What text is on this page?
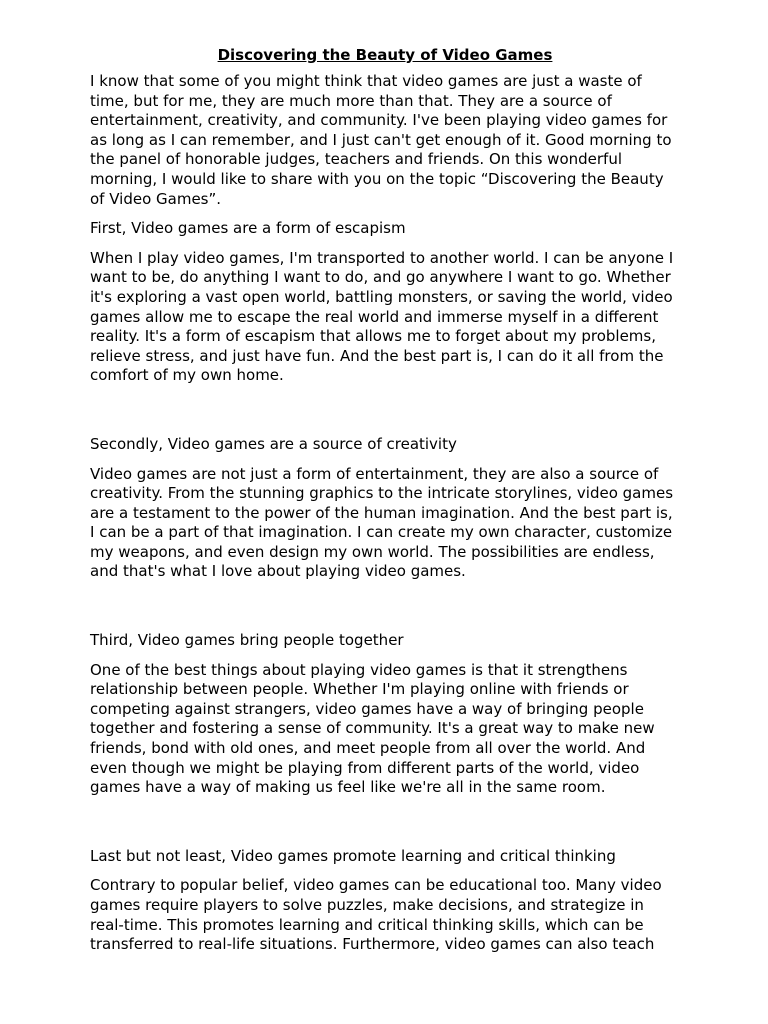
Discovering the Beauty of Video Games

I know that some of you might think that video games are just a waste of time, but for me, they are much more than that. They are a source of entertainment, creativity, and community. I've been playing video games for as long as I can remember, and I just can't get enough of it. Good morning to the panel of honorable judges, teachers and friends. On this wonderful morning, I would like to share with you on the topic “Discovering the Beauty of Video Games”.

First, Video games are a form of escapism

When I play video games, I'm transported to another world. I can be anyone I want to be, do anything I want to do, and go anywhere I want to go. Whether it's exploring a vast open world, battling monsters, or saving the world, video games allow me to escape the real world and immerse myself in a different reality. It's a form of escapism that allows me to forget about my problems, relieve stress, and just have fun. And the best part is, I can do it all from the comfort of my own home.

Secondly, Video games are a source of creativity

Video games are not just a form of entertainment, they are also a source of creativity. From the stunning graphics to the intricate storylines, video games are a testament to the power of the human imagination. And the best part is, I can be a part of that imagination. I can create my own character, customize my weapons, and even design my own world. The possibilities are endless, and that's what I love about playing video games.

Third, Video games bring people together

One of the best things about playing video games is that it strengthens relationship between people. Whether I'm playing online with friends or competing against strangers, video games have a way of bringing people together and fostering a sense of community. It's a great way to make new friends, bond with old ones, and meet people from all over the world. And even though we might be playing from different parts of the world, video games have a way of making us feel like we're all in the same room.

Last but not least, Video games promote learning and critical thinking

Contrary to popular belief, video games can be educational too. Many video games require players to solve puzzles, make decisions, and strategize in real-time. This promotes learning and critical thinking skills, which can be transferred to real-life situations. Furthermore, video games can also teach
